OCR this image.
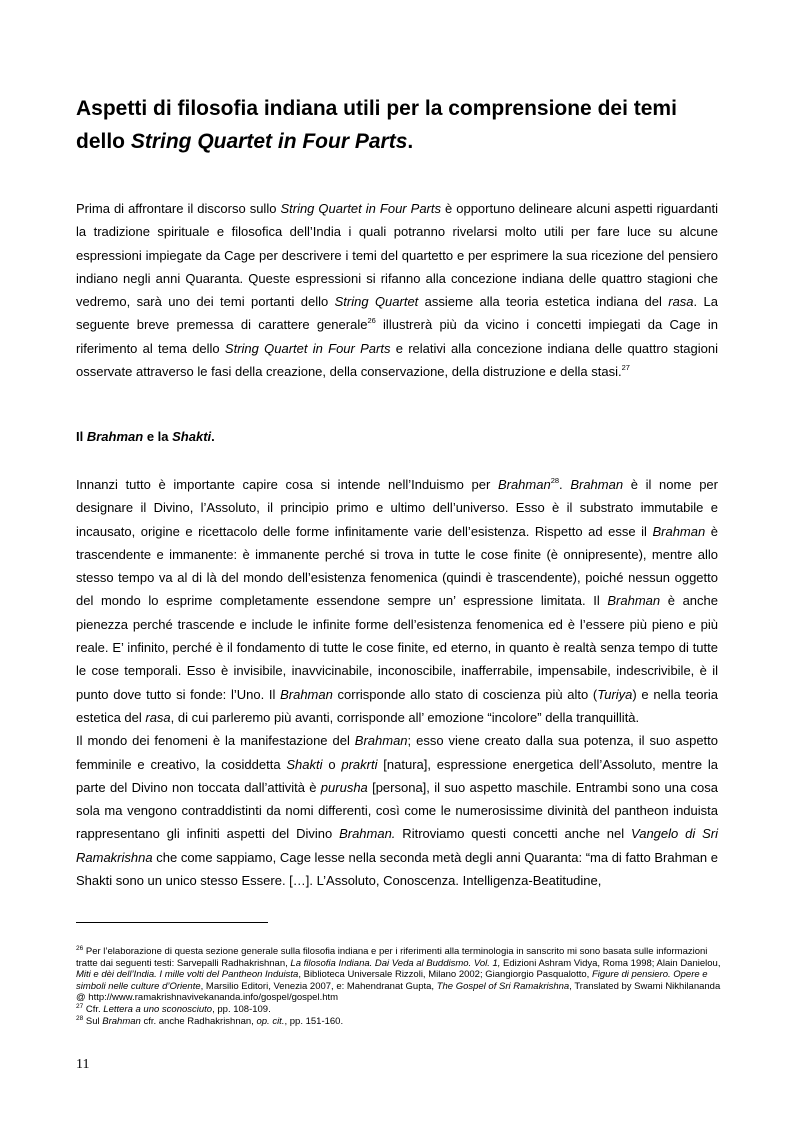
Aspetti di filosofia indiana utili per la comprensione dei temi dello String Quartet in Four Parts.

Prima di affrontare il discorso sullo String Quartet in Four Parts è opportuno delineare alcuni aspetti riguardanti la tradizione spirituale e filosofica dell’India i quali potranno rivelarsi molto utili per fare luce su alcune espressioni impiegate da Cage per descrivere i temi del quartetto e per esprimere la sua ricezione del pensiero indiano negli anni Quaranta. Queste espressioni si rifanno alla concezione indiana delle quattro stagioni che vedremo, sarà uno dei temi portanti dello String Quartet assieme alla teoria estetica indiana del rasa. La seguente breve premessa di carattere generale$^{26}$ illustrerà più da vicino i concetti impiegati da Cage in riferimento al tema dello String Quartet in Four Parts e relativi alla concezione indiana delle quattro stagioni osservate attraverso le fasi della creazione, della conservazione, della distruzione e della stasi.$^{27}$

Il Brahman e la Shakti.

Innanzi tutto è importante capire cosa si intende nell’Induismo per Brahman$^{28}$. Brahman è il nome per designare il Divino, l’Assoluto, il principio primo e ultimo dell’universo. Esso è il substrato immutabile e incausato, origine e ricettacolo delle forme infinitamente varie dell’esistenza. Rispetto ad esse il Brahman è trascendente e immanente: è immanente perché si trova in tutte le cose finite (è onnipresente), mentre allo stesso tempo va al di là del mondo dell’esistenza fenomenica (quindi è trascendente), poiché nessun oggetto del mondo lo esprime completamente essendone sempre un’ espressione limitata. Il Brahman è anche pienezza perché trascende e include le infinite forme dell’esistenza fenomenica ed è l’essere più pieno e più reale. E’ infinito, perché è il fondamento di tutte le cose finite, ed eterno, in quanto è realtà senza tempo di tutte le cose temporali. Esso è invisibile, inavvicinabile, inconoscibile, inafferrabile, impensabile, indescrivibile, è il punto dove tutto si fonde: l’Uno. Il Brahman corrisponde allo stato di coscienza più alto (Turiya) e nella teoria estetica del rasa, di cui parleremo più avanti, corrisponde all’ emozione “incolore” della tranquillità.

Il mondo dei fenomeni è la manifestazione del Brahman; esso viene creato dalla sua potenza, il suo aspetto femminile e creativo, la cosiddetta Shakti o prakrti [natura], espressione energetica dell’Assoluto, mentre la parte del Divino non toccata dall’attività è purusha [persona], il suo aspetto maschile. Entrambi sono una cosa sola ma vengono contraddistinti da nomi differenti, così come le numerosissime divinità del pantheon induista rappresentano gli infiniti aspetti del Divino Brahman. Ritroviamo questi concetti anche nel Vangelo di Sri Ramakrishna che come sappiamo, Cage lesse nella seconda metà degli anni Quaranta: “ma di fatto Brahman e Shakti sono un unico stesso Essere. […]. L’Assoluto, Conoscenza. Intelligenza-Beatitudine,

$^{26}$ Per l’elaborazione di questa sezione generale sulla filosofia indiana e per i riferimenti alla terminologia in sanscrito mi sono basata sulle informazioni tratte dai seguenti testi: Sarvepalli Radhakrishnan, La filosofia Indiana. Dai Veda al Buddismo. Vol. 1, Edizioni Ashram Vidya, Roma 1998; Alain Danielou, Miti e dèi dell’India. I mille volti del Pantheon Induista, Biblioteca Universale Rizzoli, Milano 2002; Giangiorgio Pasqualotto, Figure di pensiero. Opere e simboli nelle culture d’Oriente, Marsilio Editori, Venezia 2007, e: Mahendranat Gupta, The Gospel of Sri Ramakrishna, Translated by Swami Nikhilananda @ http://www.ramakrishnavivekananda.info/gospel/gospel.htm

$^{27}$ Cfr. Lettera a uno sconosciuto, pp. 108-109.

$^{28}$ Sul Brahman cfr. anche Radhakrishnan, op. cit., pp. 151-160.

11
